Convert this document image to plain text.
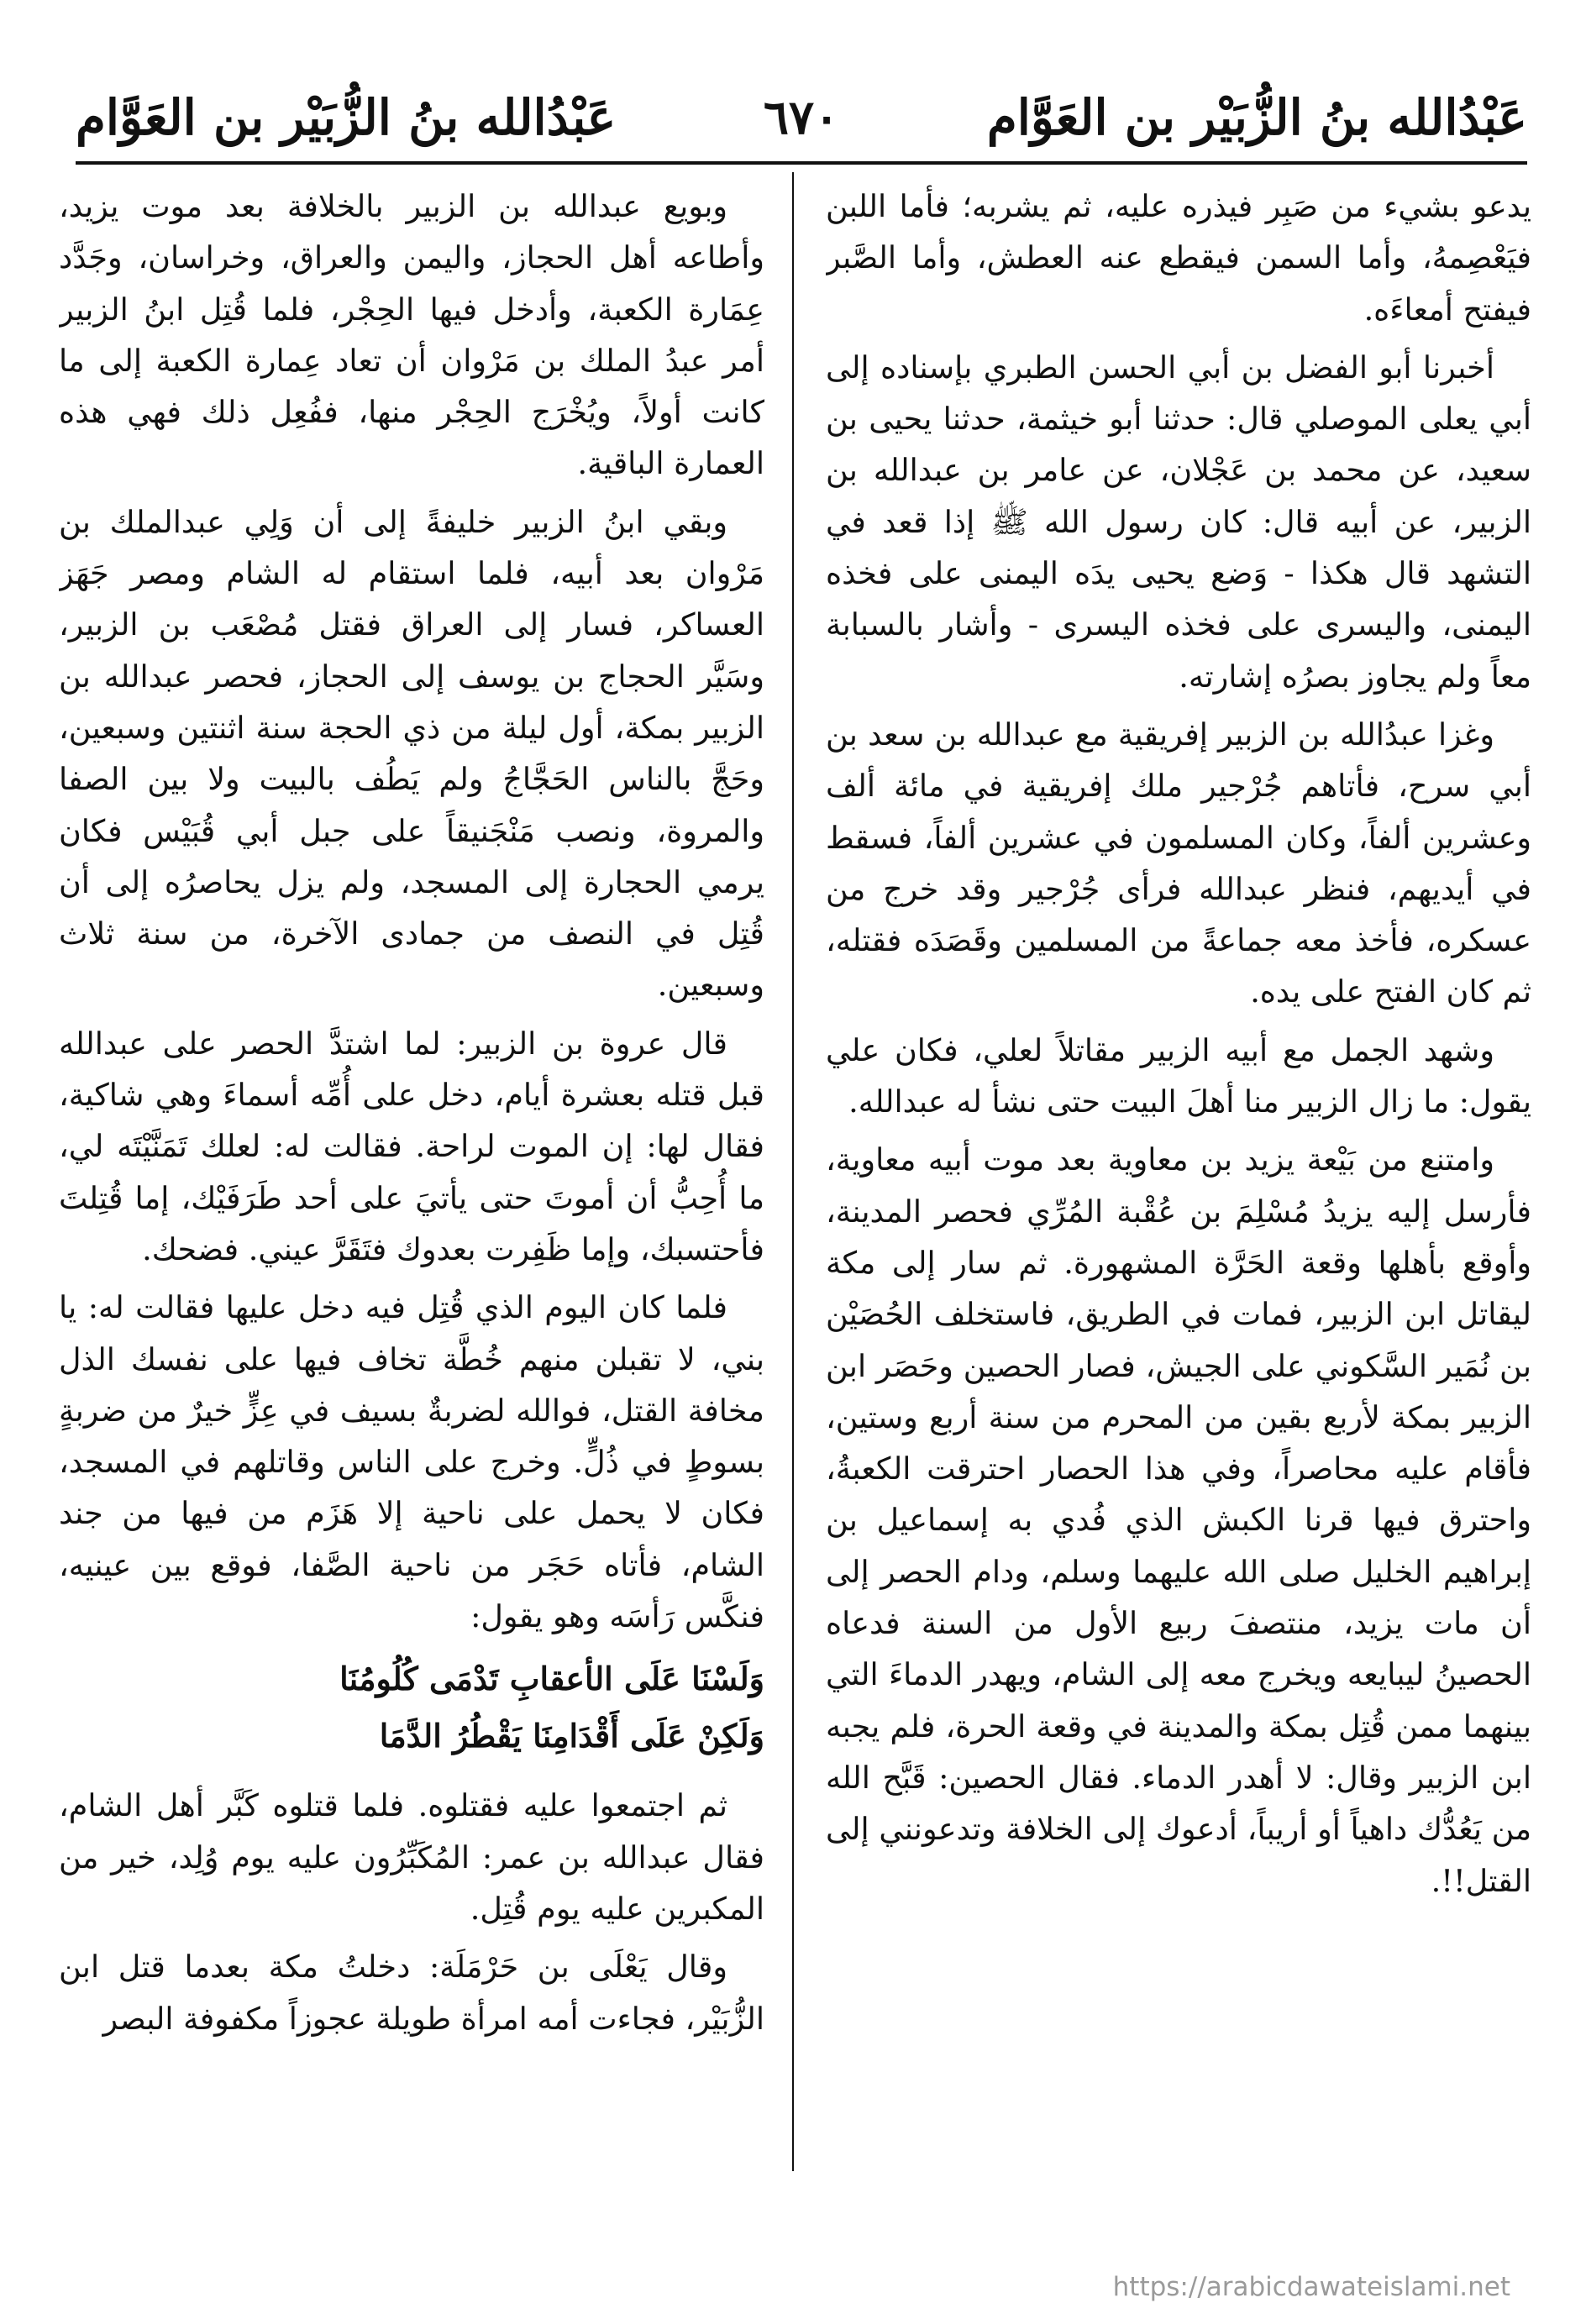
عَبْدُالله بنُ الزُّبَيْر بن العَوَّام
٦٧٠
عَبْدُالله بنُ الزُّبَيْر بن العَوَّام

يدعو بشيء من صَبِر فيذره عليه، ثم يشربه؛ فأما اللبن فيَعْصِمهُ، وأما السمن فيقطع عنه العطش، وأما الصَّبر فيفتح أمعاءَه.

أخبرنا أبو الفضل بن أبي الحسن الطبري بإسناده إلى أبي يعلى الموصلي قال: حدثنا أبو خيثمة، حدثنا يحيى بن سعيد، عن محمد بن عَجْلان، عن عامر بن عبدالله بن الزبير، عن أبيه قال: كان رسول الله ﷺ إذا قعد في التشهد قال هكذا - وَضع يحيى يدَه اليمنى على فخذه اليمنى، واليسرى على فخذه اليسرى - وأشار بالسبابة معاً ولم يجاوز بصرُه إشارته.

وغزا عبدُالله بن الزبير إفريقية مع عبدالله بن سعد بن أبي سرح، فأتاهم جُرْجير ملك إفريقية في مائة ألف وعشرين ألفاً، وكان المسلمون في عشرين ألفاً، فسقط في أيديهم، فنظر عبدالله فرأى جُرْجير وقد خرج من عسكره، فأخذ معه جماعةً من المسلمين وقَصَدَه فقتله، ثم كان الفتح على يده.

وشهد الجمل مع أبيه الزبير مقاتلاً لعلي، فكان علي يقول: ما زال الزبير منا أهلَ البيت حتى نشأ له عبدالله.

وامتنع من بَيْعة يزيد بن معاوية بعد موت أبيه معاوية، فأرسل إليه يزيدُ مُسْلِمَ بن عُقْبة المُرِّي فحصر المدينة، وأوقع بأهلها وقعة الحَرَّة المشهورة. ثم سار إلى مكة ليقاتل ابن الزبير، فمات في الطريق، فاستخلف الحُصَيْن بن نُمَير السَّكوني على الجيش، فصار الحصين وحَصَر ابن الزبير بمكة لأربع بقين من المحرم من سنة أربع وستين، فأقام عليه محاصراً، وفي هذا الحصار احترقت الكعبةُ، واحترق فيها قرنا الكبش الذي فُدي به إسماعيل بن إبراهيم الخليل صلى الله عليهما وسلم، ودام الحصر إلى أن مات يزيد، منتصفَ ربيع الأول من السنة فدعاه الحصينُ ليبايعه ويخرج معه إلى الشام، ويهدر الدماءَ التي بينهما ممن قُتِل بمكة والمدينة في وقعة الحرة، فلم يجبه ابن الزبير وقال: لا أهدر الدماء. فقال الحصين: قَبَّح الله من يَعُدُّك داهياً أو أريباً، أدعوك إلى الخلافة وتدعونني إلى القتل!!.

وبويع عبدالله بن الزبير بالخلافة بعد موت يزيد، وأطاعه أهل الحجاز، واليمن والعراق، وخراسان، وجَدَّد عِمَارة الكعبة، وأدخل فيها الحِجْر، فلما قُتِل ابنُ الزبير أمر عبدُ الملك بن مَرْوان أن تعاد عِمارة الكعبة إلى ما كانت أولاً، ويُخْرَج الحِجْر منها، ففُعِل ذلك فهي هذه العمارة الباقية.

وبقي ابنُ الزبير خليفةً إلى أن وَلِي عبدالملك بن مَرْوان بعد أبيه، فلما استقام له الشام ومصر جَهَز العساكر، فسار إلى العراق فقتل مُصْعَب بن الزبير، وسَيَّر الحجاج بن يوسف إلى الحجاز، فحصر عبدالله بن الزبير بمكة، أول ليلة من ذي الحجة سنة اثنتين وسبعين، وحَجَّ بالناس الحَجَّاجُ ولم يَطُف بالبيت ولا بين الصفا والمروة، ونصب مَنْجَنيقاً على جبل أبي قُبَيْس فكان يرمي الحجارة إلى المسجد، ولم يزل يحاصرُه إلى أن قُتِل في النصف من جمادى الآخرة، من سنة ثلاث وسبعين.

قال عروة بن الزبير: لما اشتدَّ الحصر على عبدالله قبل قتله بعشرة أيام، دخل على أُمِّه أسماءَ وهي شاكية، فقال لها: إن الموت لراحة. فقالت له: لعلك تَمَنَّيْتَه لي، ما أُحِبُّ أن أموتَ حتى يأتيَ على أحد طَرَفَيْك، إما قُتِلتَ فأحتسبك، وإما ظَفِرت بعدوك فتَقَرَّ عيني. فضحك.

فلما كان اليوم الذي قُتِل فيه دخل عليها فقالت له: يا بني، لا تقبلن منهم خُطَّة تخاف فيها على نفسك الذل مخافة القتل، فوالله لضربةٌ بسيف في عِزٍّ خيرٌ من ضربةٍ بسوطٍ في ذُلٍّ. وخرج على الناس وقاتلهم في المسجد، فكان لا يحمل على ناحية إلا هَزَم من فيها من جند الشام، فأتاه حَجَر من ناحية الصَّفا، فوقع بين عينيه، فنكَّس رَأسَه وهو يقول:

وَلَسْنَا عَلَى الأعقابِ تَدْمَى كُلُومُنَا
وَلَكِنْ عَلَى أَقْدَامِنَا يَقْطُرُ الدَّمَا

ثم اجتمعوا عليه فقتلوه. فلما قتلوه كَبَّر أهل الشام، فقال عبدالله بن عمر: المُكَبِّرُون عليه يوم وُلِد، خير من المكبرين عليه يوم قُتِل.

وقال يَعْلَى بن حَرْمَلَة: دخلتُ مكة بعدما قتل ابن الزُّبَيْر، فجاءت أمه امرأة طويلة عجوزاً مكفوفة البصر

https://arabicdawateislami.net
